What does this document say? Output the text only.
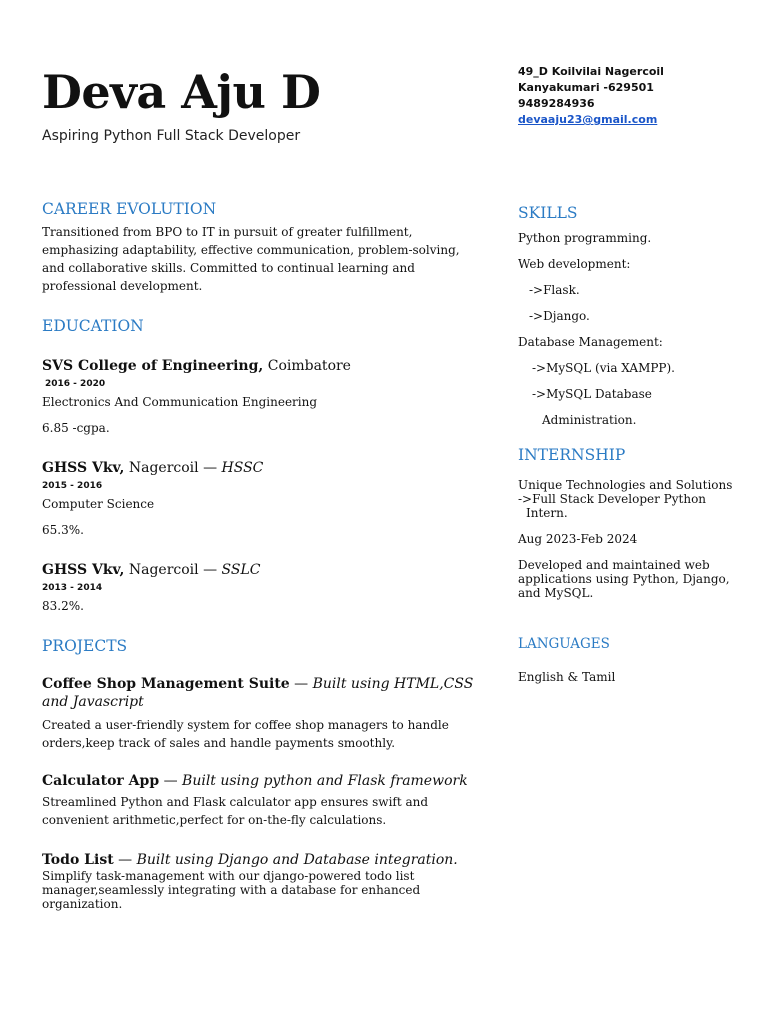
Deva Aju D
Aspiring Python Full Stack Developer
CAREER EVOLUTION
Transitioned from BPO to IT in pursuit of greater fulfillment, emphasizing adaptability, effective communication, problem-solving, and collaborative skills. Committed to continual learning and professional development.
EDUCATION
SVS College of Engineering, Coimbatore
2016 - 2020
Electronics And Communication Engineering
6.85 -cgpa.
GHSS Vkv, Nagercoil — HSSC
2015 - 2016
Computer Science
65.3%.
GHSS Vkv, Nagercoil — SSLC
2013 - 2014
83.2%.
PROJECTS
Coffee Shop Management Suite — Built using HTML,CSS and Javascript
Created a user-friendly system for coffee shop managers to handle orders,keep track of sales and handle payments smoothly.
Calculator App — Built using python and Flask framework
Streamlined Python and Flask calculator app ensures swift and convenient arithmetic,perfect for on-the-fly calculations.
Todo List — Built using Django and Database integration.
Simplify task-management with our django-powered todo list manager,seamlessly integrating with a database for enhanced organization.
49_D Koilvilai Nagercoil
Kanyakumari -629501
9489284936
devaaju23@gmail.com
SKILLS
Python programming.
Web development:
->Flask.
->Django.
Database Management:
->MySQL (via XAMPP).
->MySQL Database
Administration.
INTERNSHIP
Unique Technologies and Solutions
->Full Stack Developer Python
Intern.
Aug 2023-Feb 2024
Developed and maintained web applications using Python, Django, and MySQL.
LANGUAGES
English & Tamil
